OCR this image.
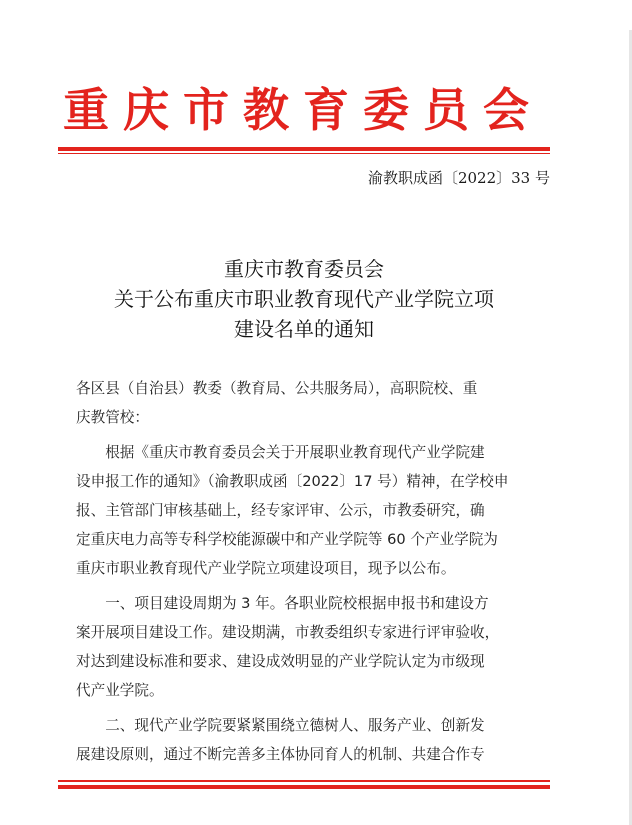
重庆市教育委员会
渝教职成函〔2022〕33 号
重庆市教育委员会
关于公布重庆市职业教育现代产业学院立项
建设名单的通知

各区县（自治县）教委（教育局、公共服务局），高职院校、重
庆教管校：

根据《重庆市教育委员会关于开展职业教育现代产业学院建
设申报工作的通知》（渝教职成函〔2022〕17 号）精神，在学校申
报、主管部门审核基础上，经专家评审、公示，市教委研究，确
定重庆电力高等专科学校能源碳中和产业学院等 60 个产业学院为
重庆市职业教育现代产业学院立项建设项目，现予以公布。

一、项目建设周期为 3 年。各职业院校根据申报书和建设方
案开展项目建设工作。建设期满，市教委组织专家进行评审验收，
对达到建设标准和要求、建设成效明显的产业学院认定为市级现
代产业学院。

二、现代产业学院要紧紧围绕立德树人、服务产业、创新发
展建设原则，通过不断完善多主体协同育人的机制、共建合作专
